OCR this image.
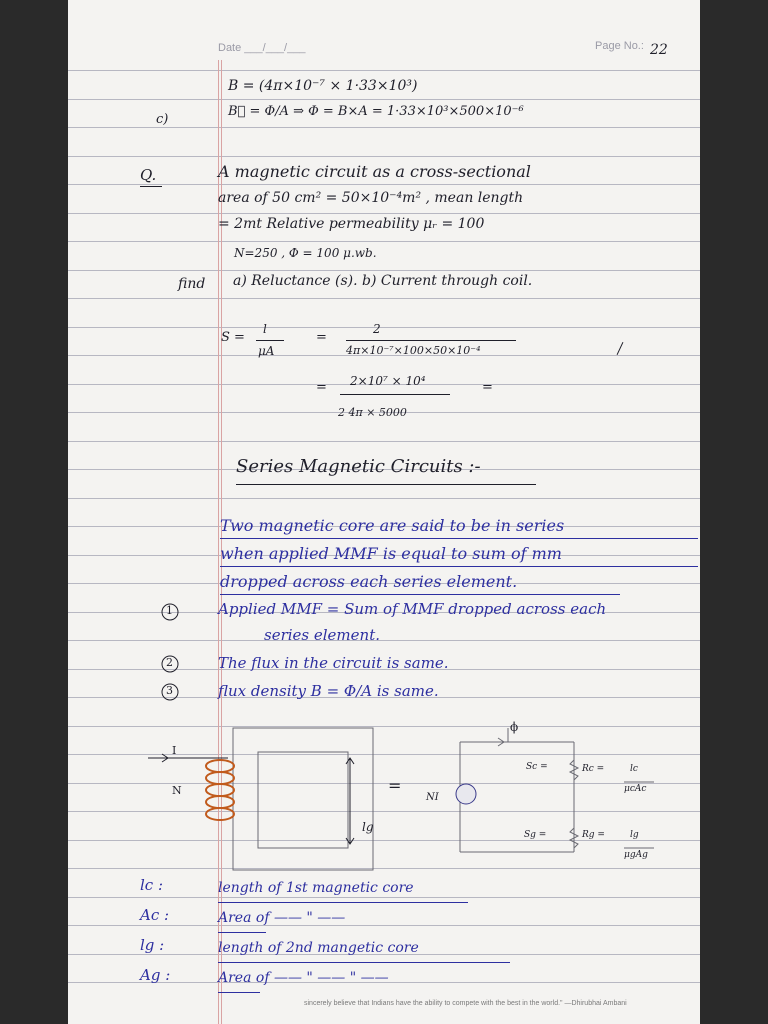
Date ___/___/___	Page No.: 22
B = (4π×10⁻⁷ × 1·33×10³)
c)
B⃗ = Φ/A ⇒ Φ = B×A = 1·33×10³×500×10⁻⁶
Q.	A magnetic circuit as a cross-sectional
area of 50 cm² = 50×10⁻⁴m² , mean length
= 2mt Relative permeability μᵣ = 100
N=250 , Φ = 100 μ.wb.
find a) Reluctance (s). b) Current through coil.
S =
l
μA
=
2
4π×10⁻⁷×100×50×10⁻⁴
= 2×10⁷ × 10⁴
2 4π × 5000
=
Series Magnetic Circuits :-
Two magnetic core are said to be in series
when applied MMF is equal to sum of mm
dropped across each series element.
1	Applied MMF = Sum of MMF dropped across each
series element.
2	The flux in the circuit is same.
3	flux density B = Φ/A is same.
I
N
lg
=
NI
ϕ
Sc =	Rc =	lc
μcAc
Sg =	Rg =	lg
μgAg
lc :	length of 1st magnetic core
Ac :	Area of —— " ——
lg :	length of 2nd mangetic core
Ag :	Area of —— " —— " ——
sincerely believe that Indians have the ability to compete with the best in the world." —Dhirubhai Ambani
